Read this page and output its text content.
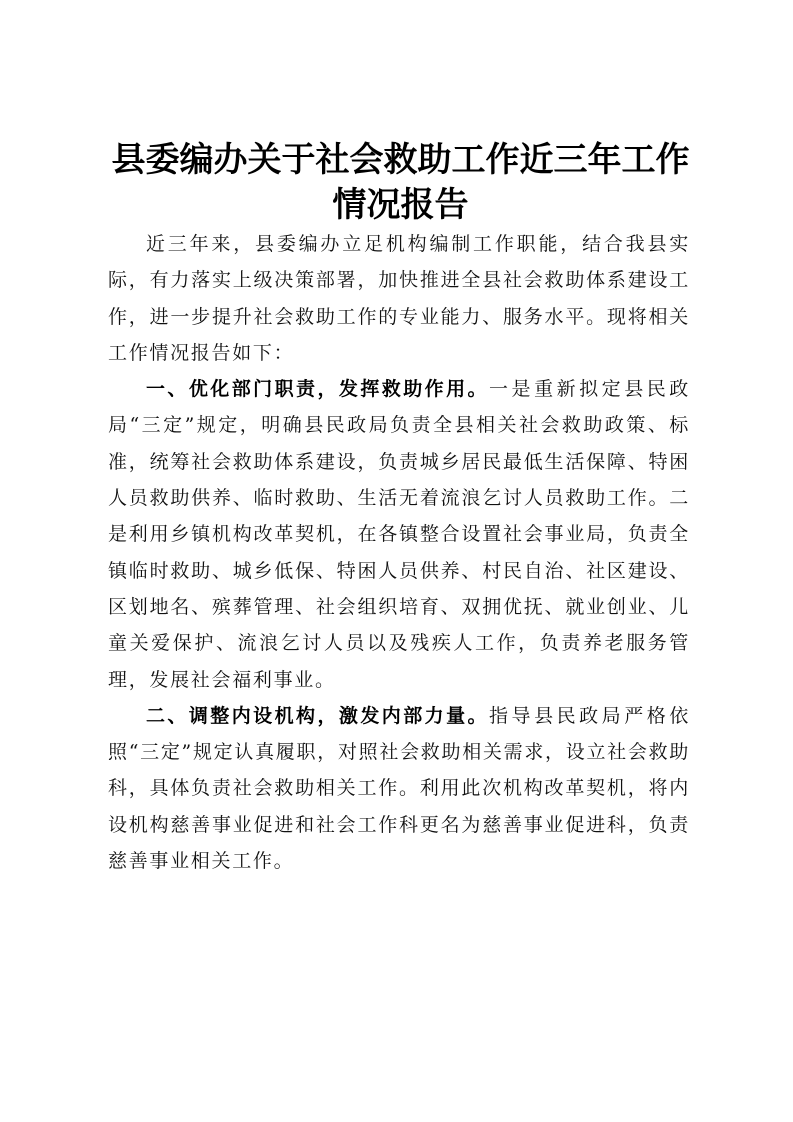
县委编办关于社会救助工作近三年工作情况报告

近三年来，县委编办立足机构编制工作职能，结合我县实际，有力落实上级决策部署，加快推进全县社会救助体系建设工作，进一步提升社会救助工作的专业能力、服务水平。现将相关工作情况报告如下：

一、优化部门职责，发挥救助作用。一是重新拟定县民政局“三定”规定，明确县民政局负责全县相关社会救助政策、标准，统筹社会救助体系建设，负责城乡居民最低生活保障、特困人员救助供养、临时救助、生活无着流浪乞讨人员救助工作。二是利用乡镇机构改革契机，在各镇整合设置社会事业局，负责全镇临时救助、城乡低保、特困人员供养、村民自治、社区建设、区划地名、殡葬管理、社会组织培育、双拥优抚、就业创业、儿童关爱保护、流浪乞讨人员以及残疾人工作，负责养老服务管理，发展社会福利事业。

二、调整内设机构，激发内部力量。指导县民政局严格依照“三定”规定认真履职，对照社会救助相关需求，设立社会救助科，具体负责社会救助相关工作。利用此次机构改革契机，将内设机构慈善事业促进和社会工作科更名为慈善事业促进科，负责慈善事业相关工作。
